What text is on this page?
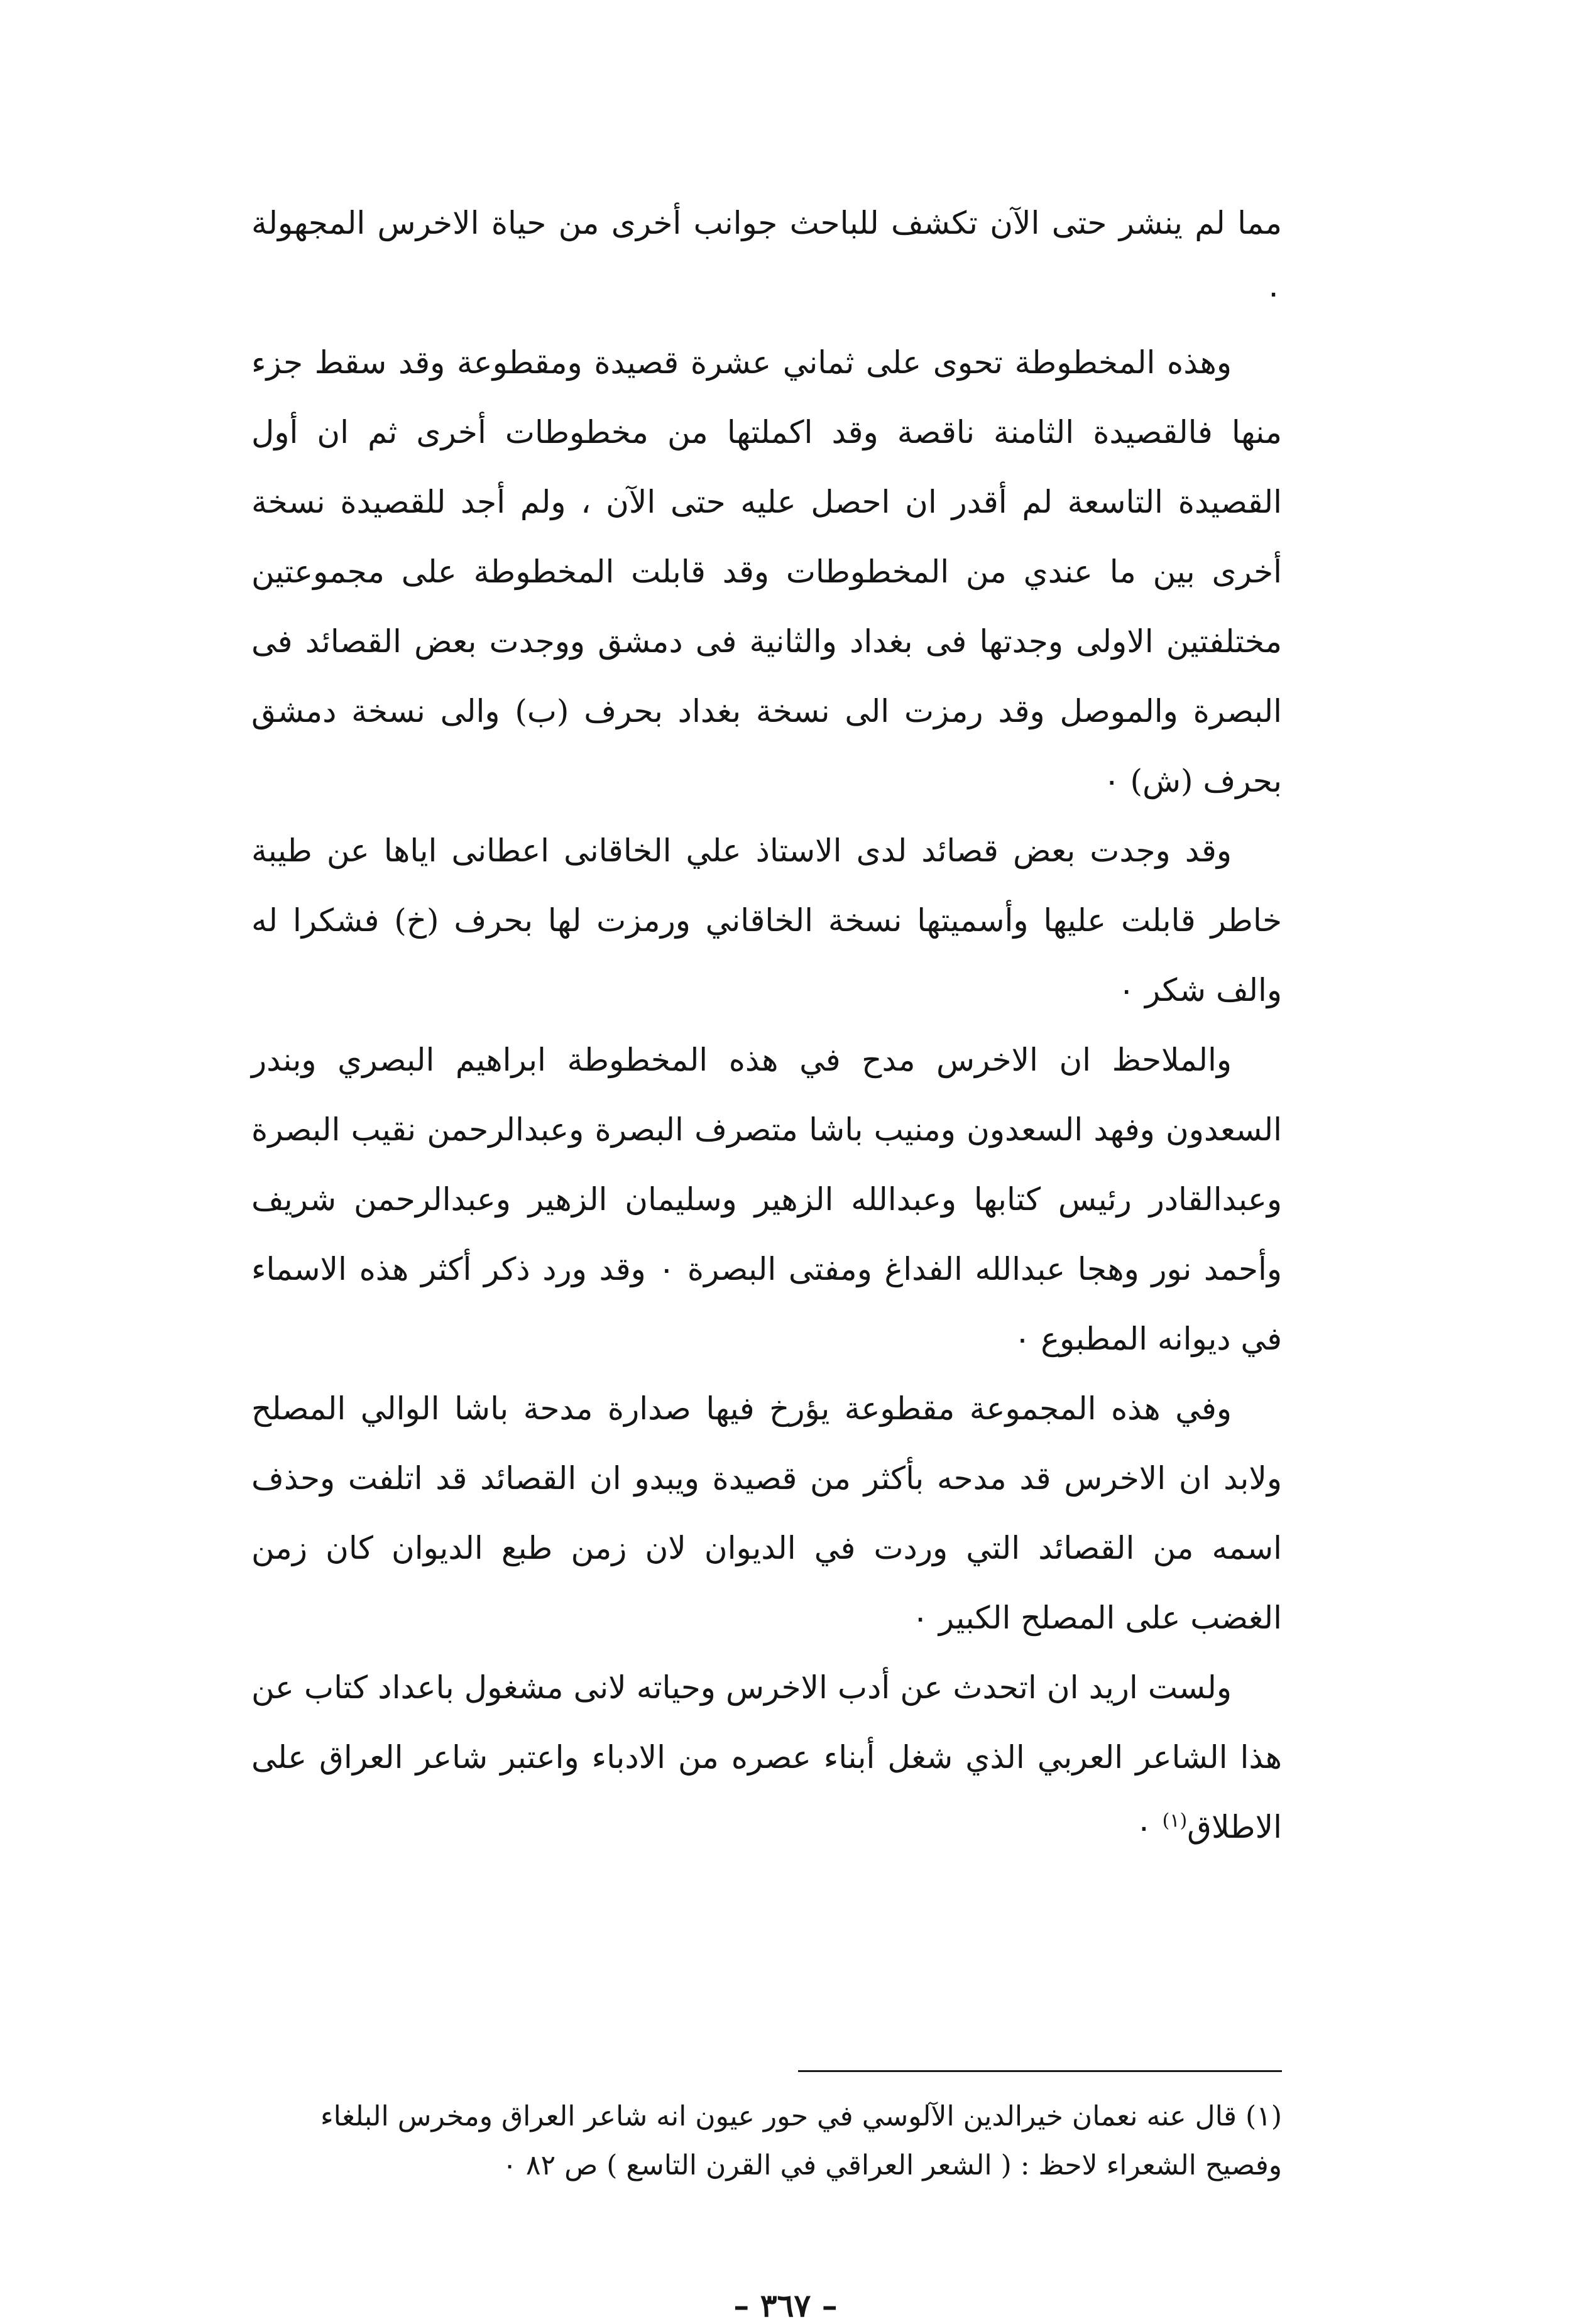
مما لم ينشر حتى الآن تكشف للباحث جوانب أخرى من حياة الاخرس المجهولة ٠

وهذه المخطوطة تحوى على ثماني عشرة قصيدة ومقطوعة وقد سقط جزء منها فالقصيدة الثامنة ناقصة وقد اكملتها من مخطوطات أخرى ثم ان أول القصيدة التاسعة لم أقدر ان احصل عليه حتى الآن ، ولم أجد للقصيدة نسخة أخرى بين ما عندي من المخطوطات وقد قابلت المخطوطة على مجموعتين مختلفتين الاولى وجدتها فى بغداد والثانية فى دمشق ووجدت بعض القصائد فى البصرة والموصل وقد رمزت الى نسخة بغداد بحرف (ب) والى نسخة دمشق بحرف (ش) ٠

وقد وجدت بعض قصائد لدى الاستاذ علي الخاقانى اعطانى اياها عن طيبة خاطر قابلت عليها وأسميتها نسخة الخاقاني ورمزت لها بحرف (خ) فشكرا له والف شكر ٠

والملاحظ ان الاخرس مدح في هذه المخطوطة ابراهيم البصري وبندر السعدون وفهد السعدون ومنيب باشا متصرف البصرة وعبدالرحمن نقيب البصرة وعبدالقادر رئيس كتابها وعبدالله الزهير وسليمان الزهير وعبدالرحمن شريف وأحمد نور وهجا عبدالله الفداغ ومفتى البصرة ٠ وقد ورد ذكر أكثر هذه الاسماء في ديوانه المطبوع ٠

وفي هذه المجموعة مقطوعة يؤرخ فيها صدارة مدحة باشا الوالي المصلح ولابد ان الاخرس قد مدحه بأكثر من قصيدة ويبدو ان القصائد قد اتلفت وحذف اسمه من القصائد التي وردت في الديوان لان زمن طبع الديوان كان زمن الغضب على المصلح الكبير ٠

ولست اريد ان اتحدث عن أدب الاخرس وحياته لانى مشغول باعداد كتاب عن هذا الشاعر العربي الذي شغل أبناء عصره من الادباء واعتبر شاعر العراق على الاطلاق$^{(١)}$ ٠

(١) قال عنه نعمان خيرالدين الآلوسي في حور عيون انه شاعر العراق ومخرس البلغاء وفصيح الشعراء لاحظ : ( الشعر العراقي في القرن التاسع ) ص ٨٢ ٠

– ٣٦٧ –
